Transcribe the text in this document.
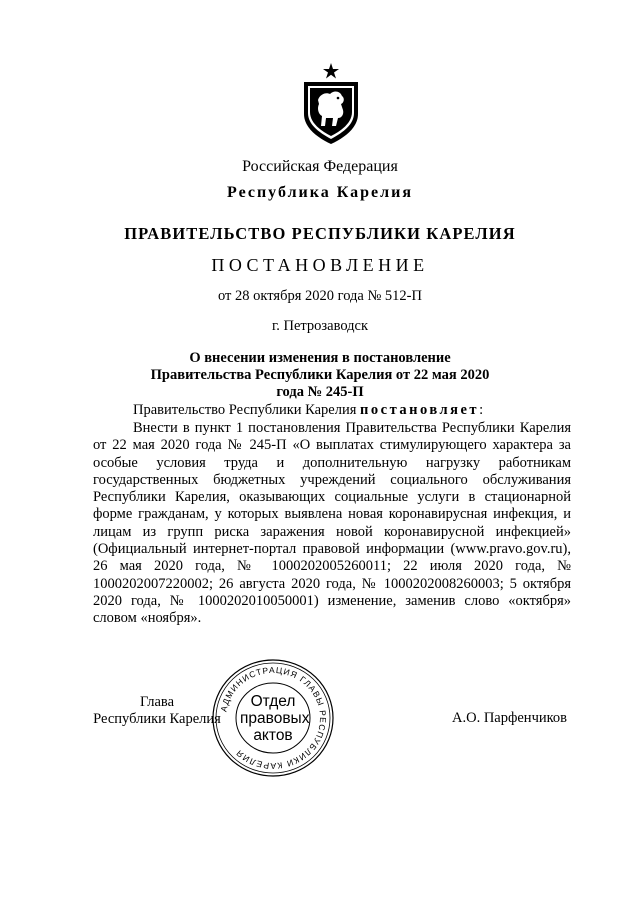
Российская Федерация
Республика Карелия
ПРАВИТЕЛЬСТВО РЕСПУБЛИКИ КАРЕЛИЯ
ПОСТАНОВЛЕНИЕ
от 28 октября 2020 года № 512-П
г. Петрозаводск
О внесении изменения в постановление Правительства Республики Карелия от 22 мая 2020 года № 245-П
Правительство Республики Карелия постановляет:
Внести в пункт 1 постановления Правительства Республики Карелия от 22 мая 2020 года № 245-П «О выплатах стимулирующего характера за особые условия труда и дополнительную нагрузку работникам государственных бюджетных учреждений социального обслуживания Республики Карелия, оказывающих социальные услуги в стационарной форме гражданам, у которых выявлена новая коронавирусная инфекция, и лицам из групп риска заражения новой коронавирусной инфекцией» (Официальный интернет-портал правовой информации (www.pravo.gov.ru), 26 мая 2020 года, № 1000202005260011; 22 июля 2020 года, № 1000202007220002; 26 августа 2020 года, № 1000202008260003; 5 октября 2020 года, № 1000202010050001) изменение, заменив слово «октября» словом «ноября».
Глава
Республики Карелия
АДМИНИСТРАЦИЯ ГЛАВЫ РЕСПУБЛИКИ КАРЕЛИЯ
Отдел
правовых
актов
А.О. Парфенчиков
